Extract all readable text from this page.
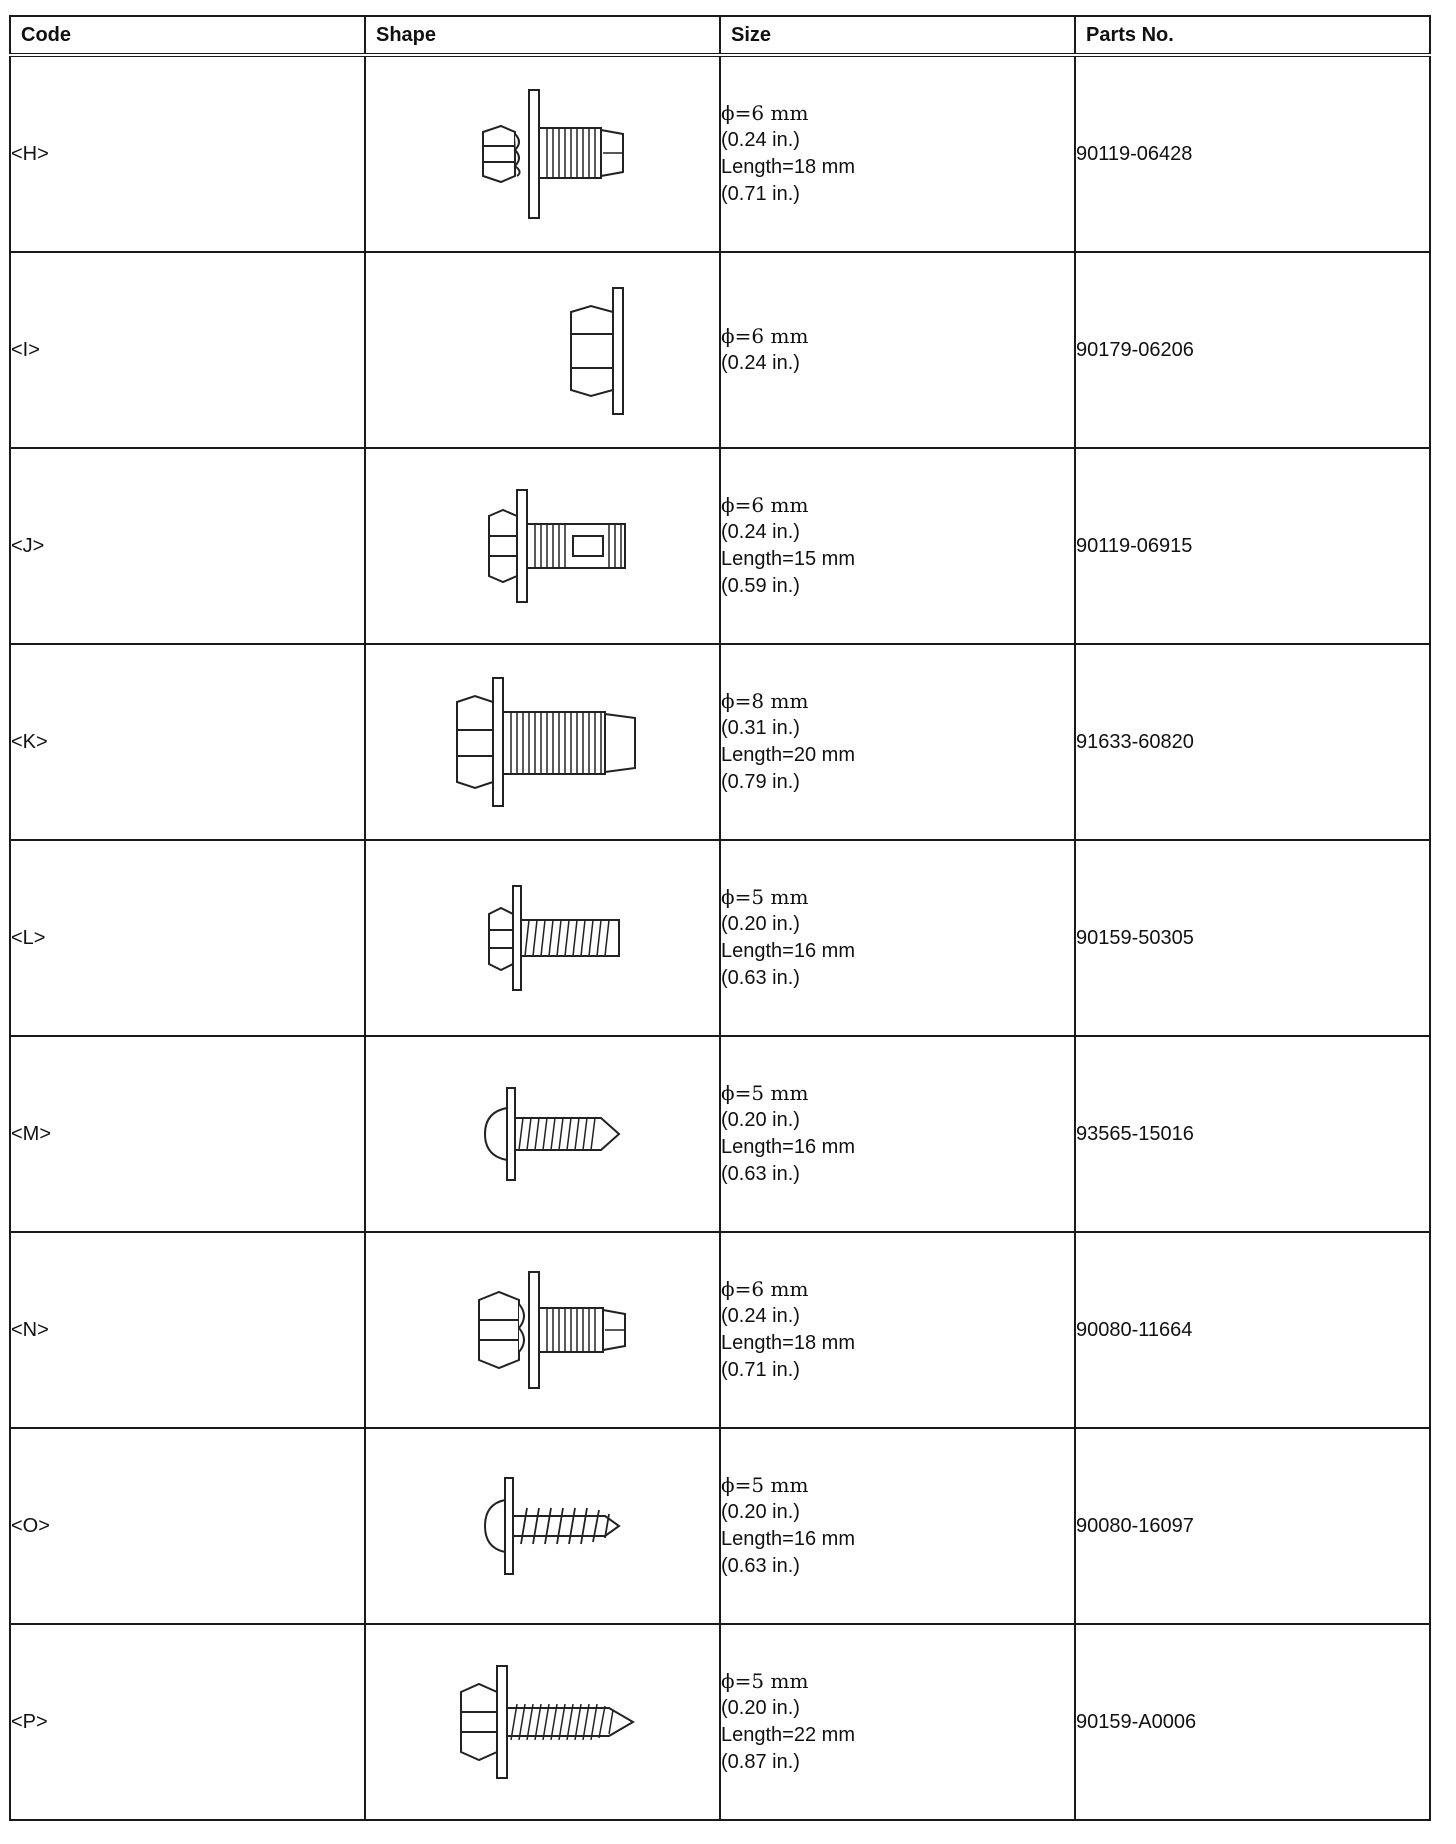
Code	Shape	Size	Parts No.
<H>		ϕ=6 mm
(0.24 in.)
Length=18 mm
(0.71 in.)	90119-06428
<I>		ϕ=6 mm
(0.24 in.)	90179-06206
<J>		ϕ=6 mm
(0.24 in.)
Length=15 mm
(0.59 in.)	90119-06915
<K>		ϕ=8 mm
(0.31 in.)
Length=20 mm
(0.79 in.)	91633-60820
<L>		ϕ=5 mm
(0.20 in.)
Length=16 mm
(0.63 in.)	90159-50305
<M>		ϕ=5 mm
(0.20 in.)
Length=16 mm
(0.63 in.)	93565-15016
<N>		ϕ=6 mm
(0.24 in.)
Length=18 mm
(0.71 in.)	90080-11664
<O>		ϕ=5 mm
(0.20 in.)
Length=16 mm
(0.63 in.)	90080-16097
<P>		ϕ=5 mm
(0.20 in.)
Length=22 mm
(0.87 in.)	90159-A0006
